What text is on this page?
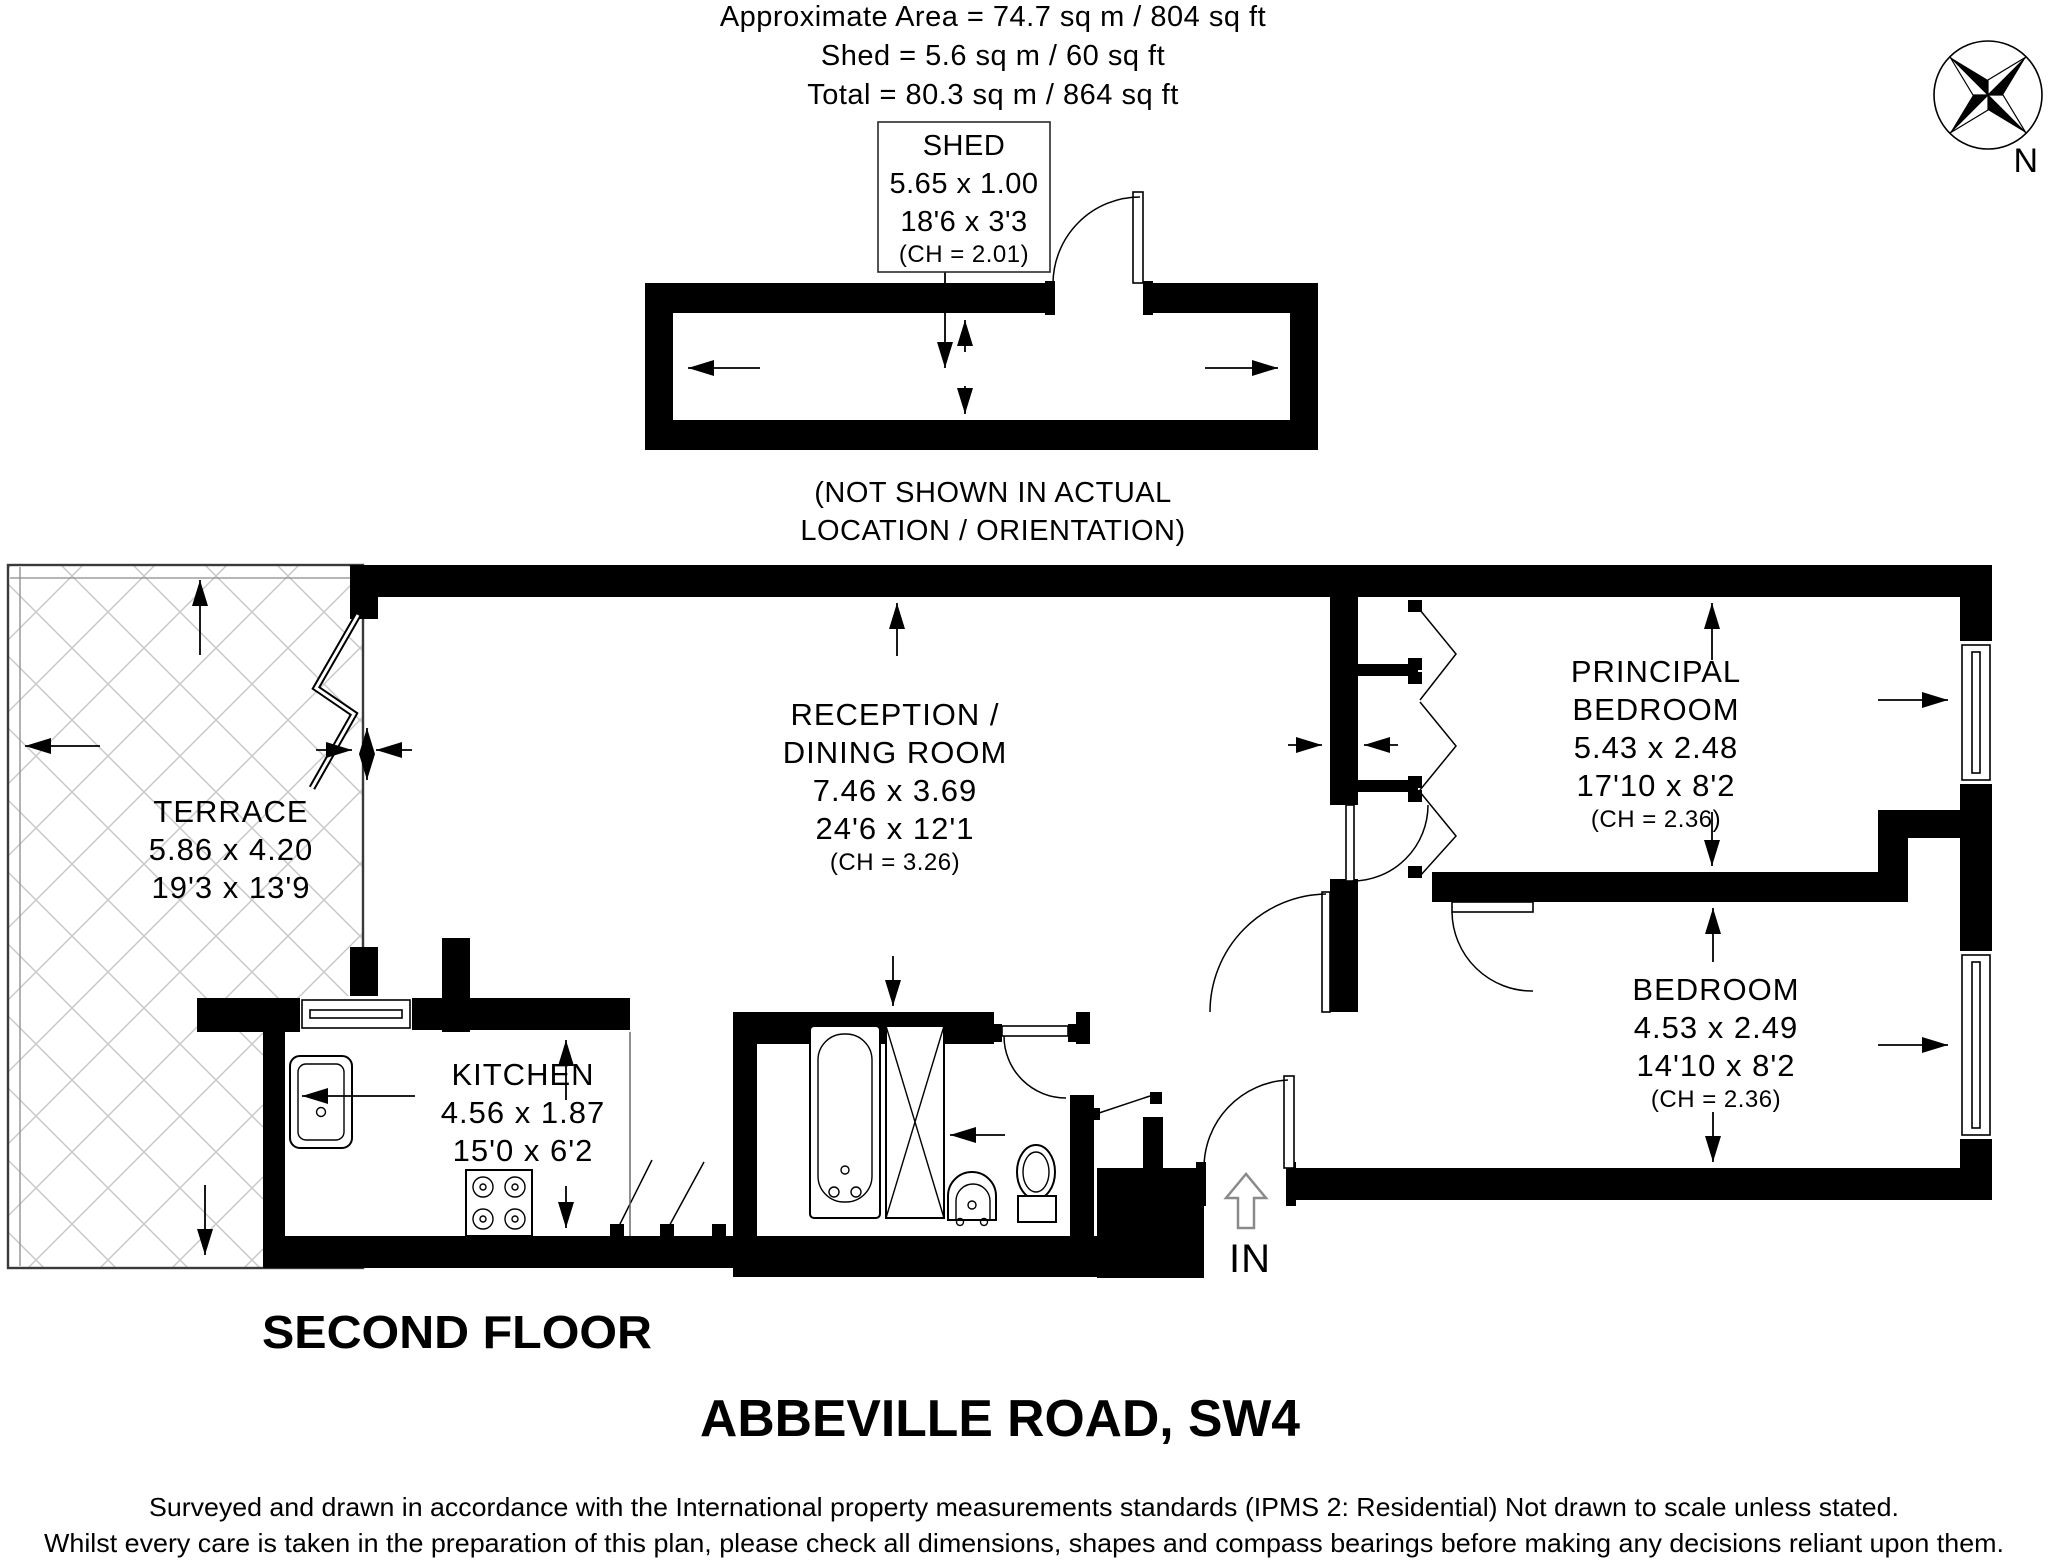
Approximate Area = 74.7 sq m / 804 sq ft
Shed = 5.6 sq m / 60 sq ft
Total = 80.3 sq m / 864 sq ft
N
SHED
5.65 x 1.00
18'6 x 3'3
(CH = 2.01)
(NOT SHOWN IN ACTUAL
LOCATION / ORIENTATION)
IN
TERRACE
5.86 x 4.20
19'3 x 13'9
RECEPTION /
DINING ROOM
7.46 x 3.69
24'6 x 12'1
(CH = 3.26)
PRINCIPAL
BEDROOM
5.43 x 2.48
17'10 x 8'2
(CH = 2.36)
BEDROOM
4.53 x 2.49
14'10 x 8'2
(CH = 2.36)
KITCHEN
4.56 x 1.87
15'0 x 6'2
SECOND FLOOR
ABBEVILLE ROAD, SW4
Surveyed and drawn in accordance with the International property measurements standards (IPMS 2: Residential) Not drawn to scale unless stated.
Whilst every care is taken in the preparation of this plan, please check all dimensions, shapes and compass bearings before making any decisions reliant upon them.
